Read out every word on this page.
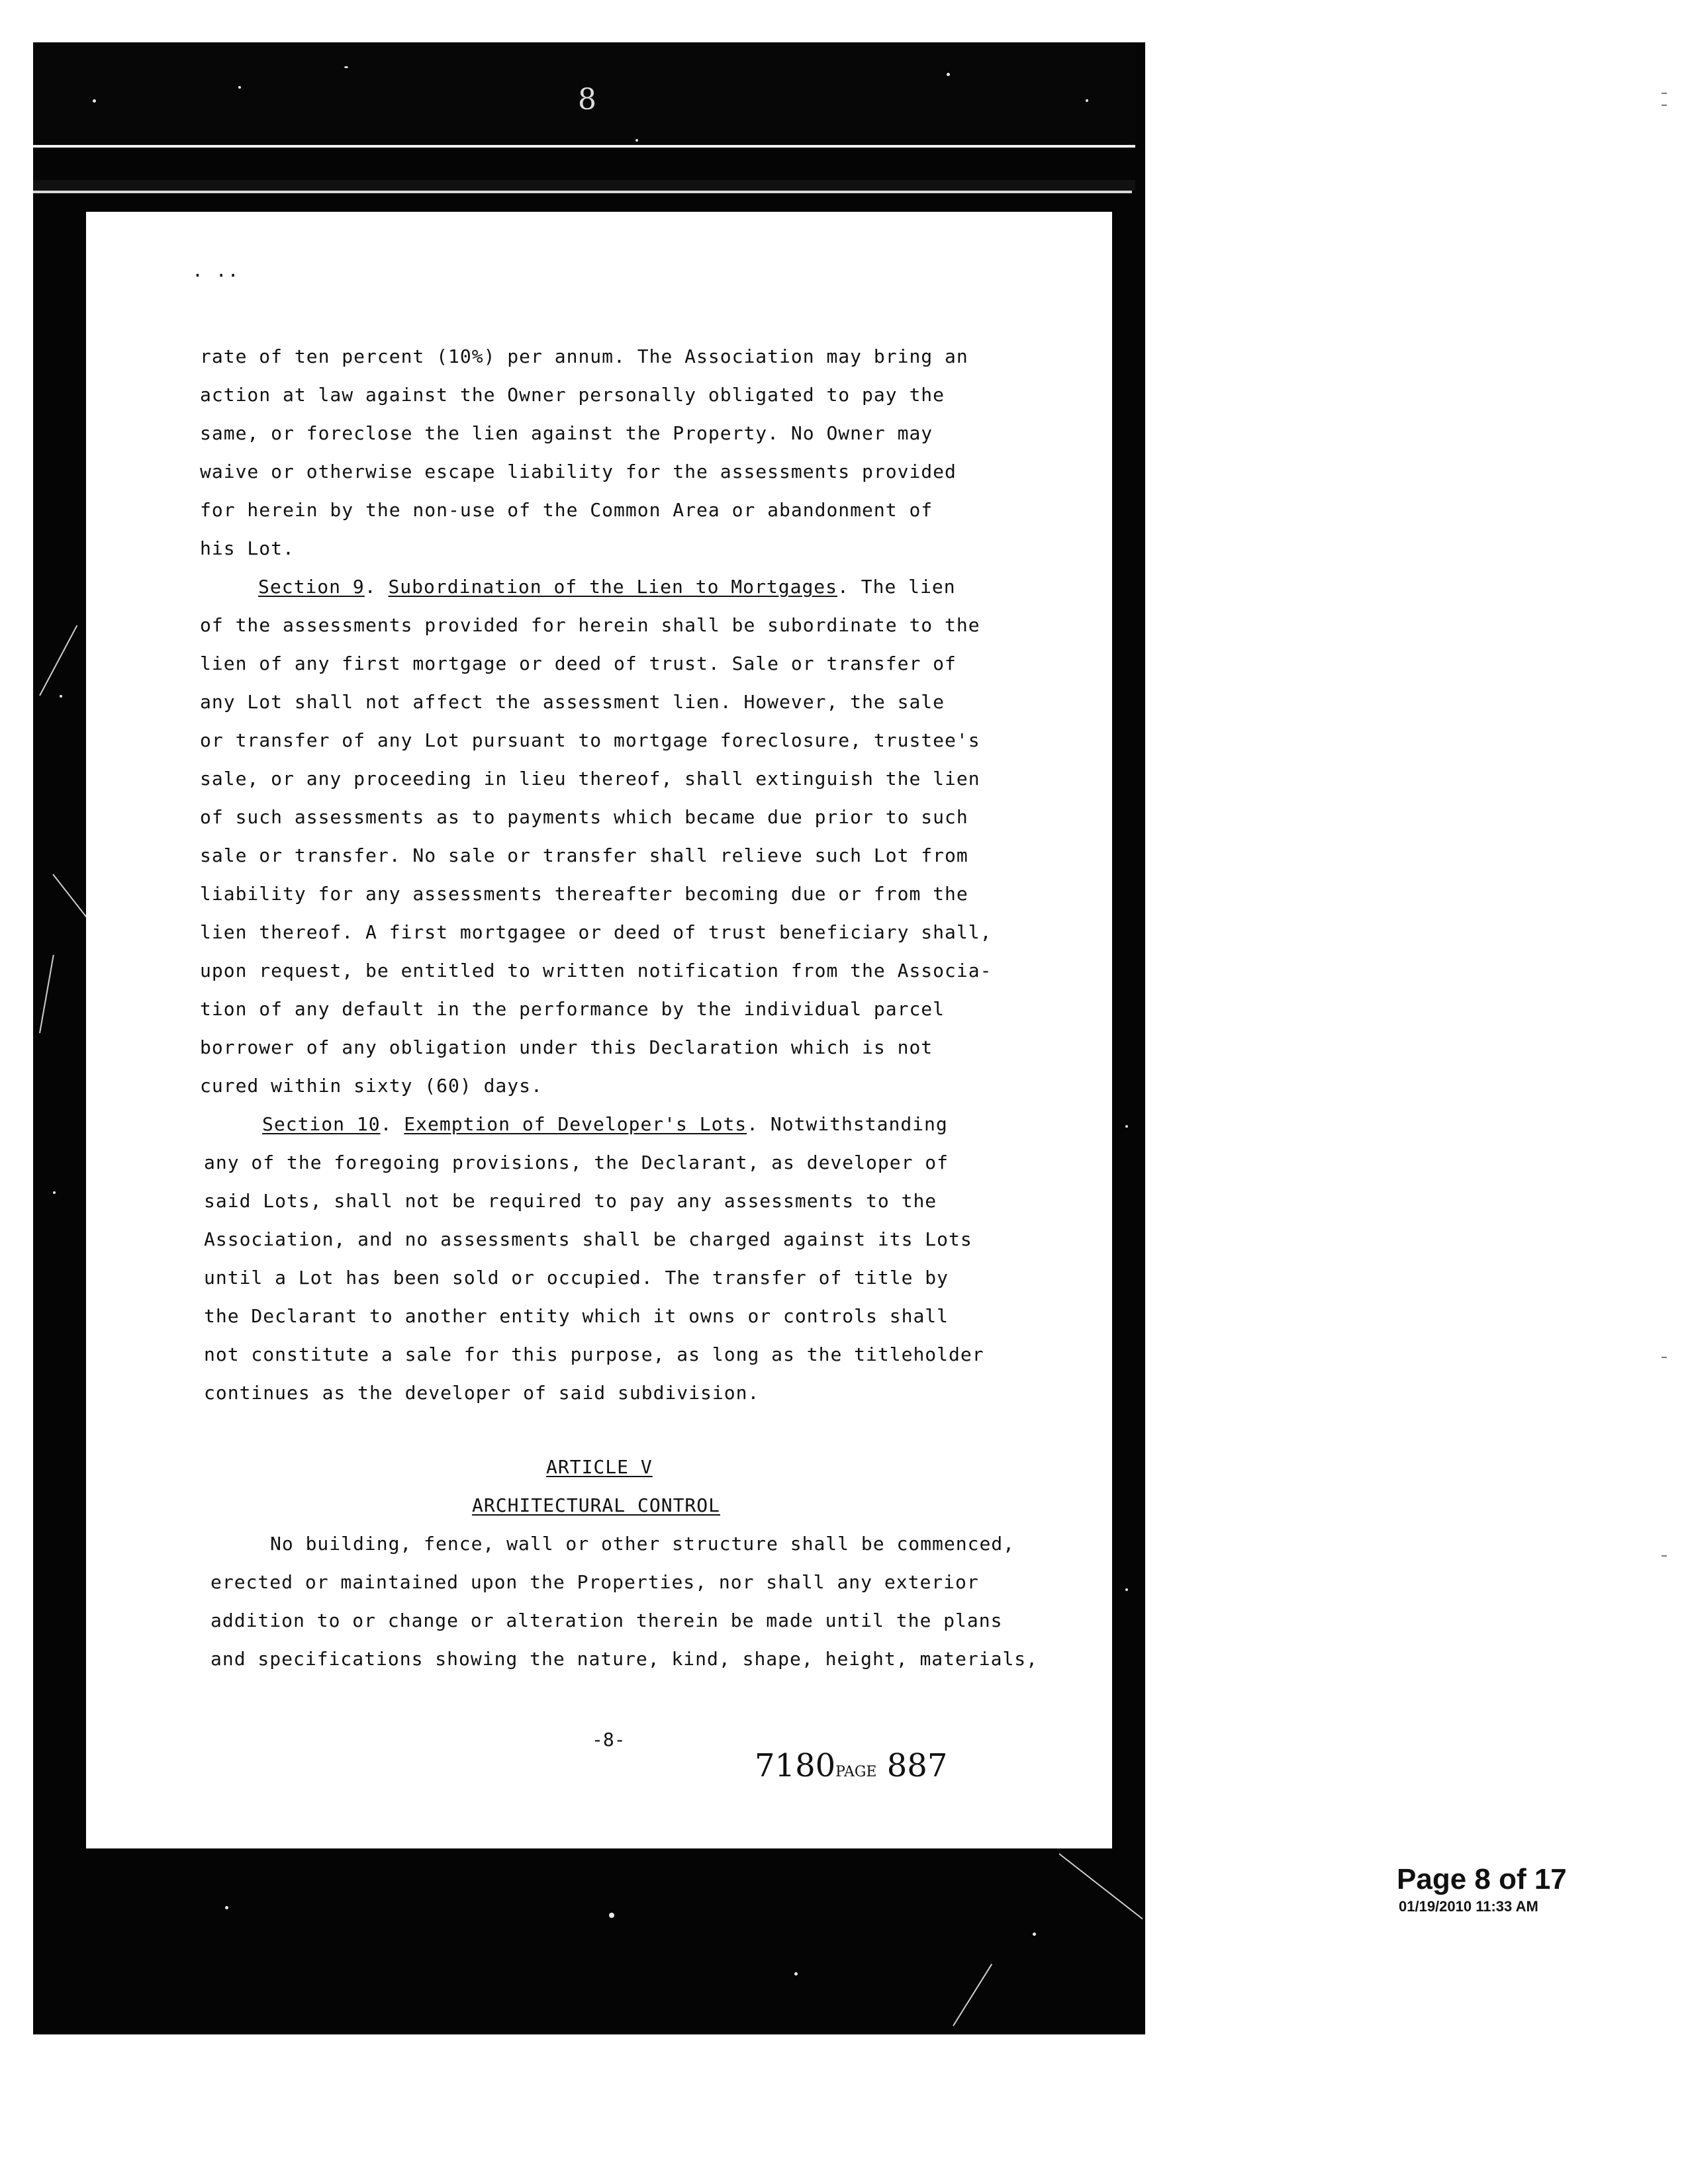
8
. ..
rate of ten percent (10%) per annum. The Association may bring an
action at law against the Owner personally obligated to pay the
same, or foreclose the lien against the Property. No Owner may
waive or otherwise escape liability for the assessments provided
for herein by the non-use of the Common Area or abandonment of
his Lot.
Section 9. Subordination of the Lien to Mortgages. The lien
of the assessments provided for herein shall be subordinate to the
lien of any first mortgage or deed of trust. Sale or transfer of
any Lot shall not affect the assessment lien. However, the sale
or transfer of any Lot pursuant to mortgage foreclosure, trustee's
sale, or any proceeding in lieu thereof, shall extinguish the lien
of such assessments as to payments which became due prior to such
sale or transfer. No sale or transfer shall relieve such Lot from
liability for any assessments thereafter becoming due or from the
lien thereof. A first mortgagee or deed of trust beneficiary shall,
upon request, be entitled to written notification from the Associa-
tion of any default in the performance by the individual parcel
borrower of any obligation under this Declaration which is not
cured within sixty (60) days.
Section 10. Exemption of Developer's Lots. Notwithstanding
any of the foregoing provisions, the Declarant, as developer of
said Lots, shall not be required to pay any assessments to the
Association, and no assessments shall be charged against its Lots
until a Lot has been sold or occupied. The transfer of title by
the Declarant to another entity which it owns or controls shall
not constitute a sale for this purpose, as long as the titleholder
continues as the developer of said subdivision.
ARTICLE V
ARCHITECTURAL CONTROL
No building, fence, wall or other structure shall be commenced,
erected or maintained upon the Properties, nor shall any exterior
addition to or change or alteration therein be made until the plans
and specifications showing the nature, kind, shape, height, materials,
-8-
7180PAGE 887
Page 8 of 17
01/19/2010 11:33 AM
